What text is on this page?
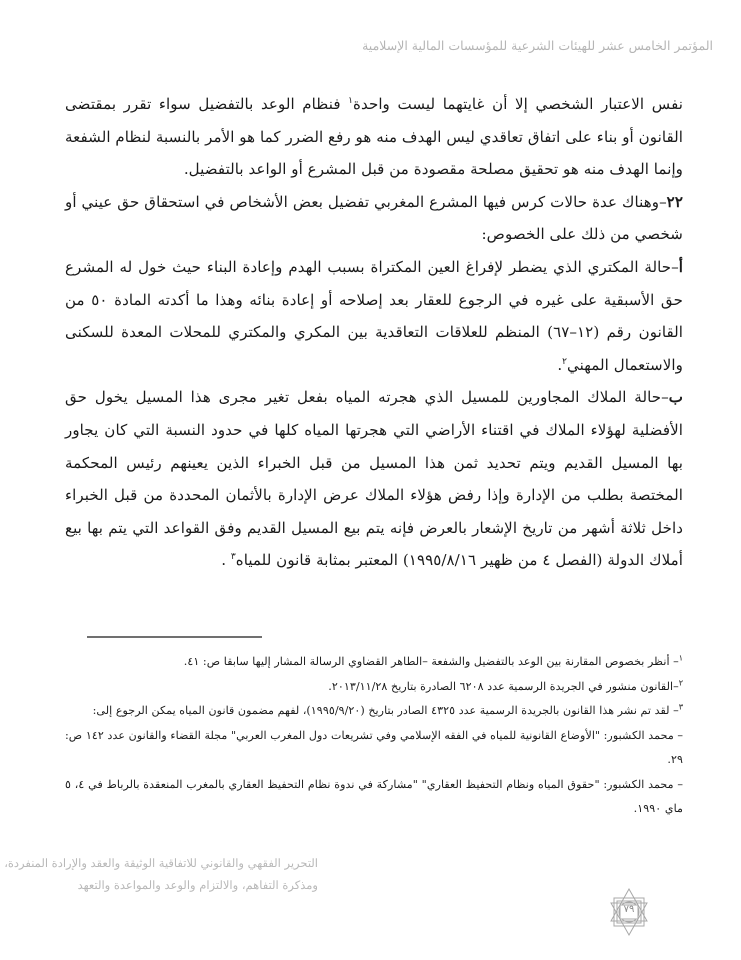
المؤتمر الخامس عشر للهيئات الشرعية للمؤسسات المالية الإسلامية

نفس الاعتبار الشخصي إلا أن غايتهما ليست واحدة$^١$ فنظام الوعد بالتفضيل سواء تقرر بمقتضى القانون أو بناء على اتفاق تعاقدي ليس الهدف منه هو رفع الضرر كما هو الأمر بالنسبة لنظام الشفعة وإنما الهدف منه هو تحقيق مصلحة مقصودة من قبل المشرع أو الواعد بالتفضيل.

٢٢–وهناك عدة حالات كرس فيها المشرع المغربي تفضيل بعض الأشخاص في استحقاق حق عيني أو شخصي من ذلك على الخصوص:

أ–حالة المكتري الذي يضطر لإفراغ العين المكتراة بسبب الهدم وإعادة البناء حيث خول له المشرع حق الأسبقية على غيره في الرجوع للعقار بعد إصلاحه أو إعادة بنائه وهذا ما أكدته المادة ٥٠ من القانون رقم (١٢–٦٧) المنظم للعلاقات التعاقدية بين المكري والمكتري للمحلات المعدة للسكنى والاستعمال المهني$^٢$.

ب–حالة الملاك المجاورين للمسيل الذي هجرته المياه بفعل تغير مجرى هذا المسيل يخول حق الأفضلية لهؤلاء الملاك في اقتناء الأراضي التي هجرتها المياه كلها في حدود النسبة التي كان يجاور بها المسيل القديم ويتم تحديد ثمن هذا المسيل من قبل الخبراء الذين يعينهم رئيس المحكمة المختصة بطلب من الإدارة وإذا رفض هؤلاء الملاك عرض الإدارة بالأثمان المحددة من قبل الخبراء داخل ثلاثة أشهر من تاريخ الإشعار بالعرض فإنه يتم بيع المسيل القديم وفق القواعد التي يتم بها بيع أملاك الدولة (الفصل ٤ من ظهير ١٩٩٥/٨/١٦) المعتبر بمثابة قانون للمياه$^٣$ .

$^١$– أنظر بخصوص المقارنة بين الوعد بالتفضيل والشفعة –الطاهر القضاوي الرسالة المشار إليها سابقا ص: ٤١.

$^٢$–القانون منشور في الجريدة الرسمية عدد ٦٢٠٨ الصادرة بتاريخ ٢٠١٣/١١/٢٨.

$^٣$– لقد تم نشر هذا القانون بالجريدة الرسمية عدد ٤٣٢٥ الصادر بتاريخ (١٩٩٥/٩/٢٠)، لفهم مضمون قانون المياه يمكن الرجوع إلى:

– محمد الكشبور: "الأوضاع القانونية للمياه في الفقه الإسلامي وفي تشريعات دول المغرب العربي" مجلة القضاء والقانون عدد ١٤٢ ص: ٢٩.

– محمد الكشبور: "حقوق المياه ونظام التحفيظ العقاري" "مشاركة في ندوة نظام التحفيظ العقاري بالمغرب المنعقدة بالرباط في ٤، ٥ ماي ١٩٩٠.

التحرير الفقهي والقانوني للاتفاقية الوثيقة والعقد والإرادة المنفردة،

ومذكرة التفاهم، والالتزام والوعد والمواعدة والتعهد

٧٩
